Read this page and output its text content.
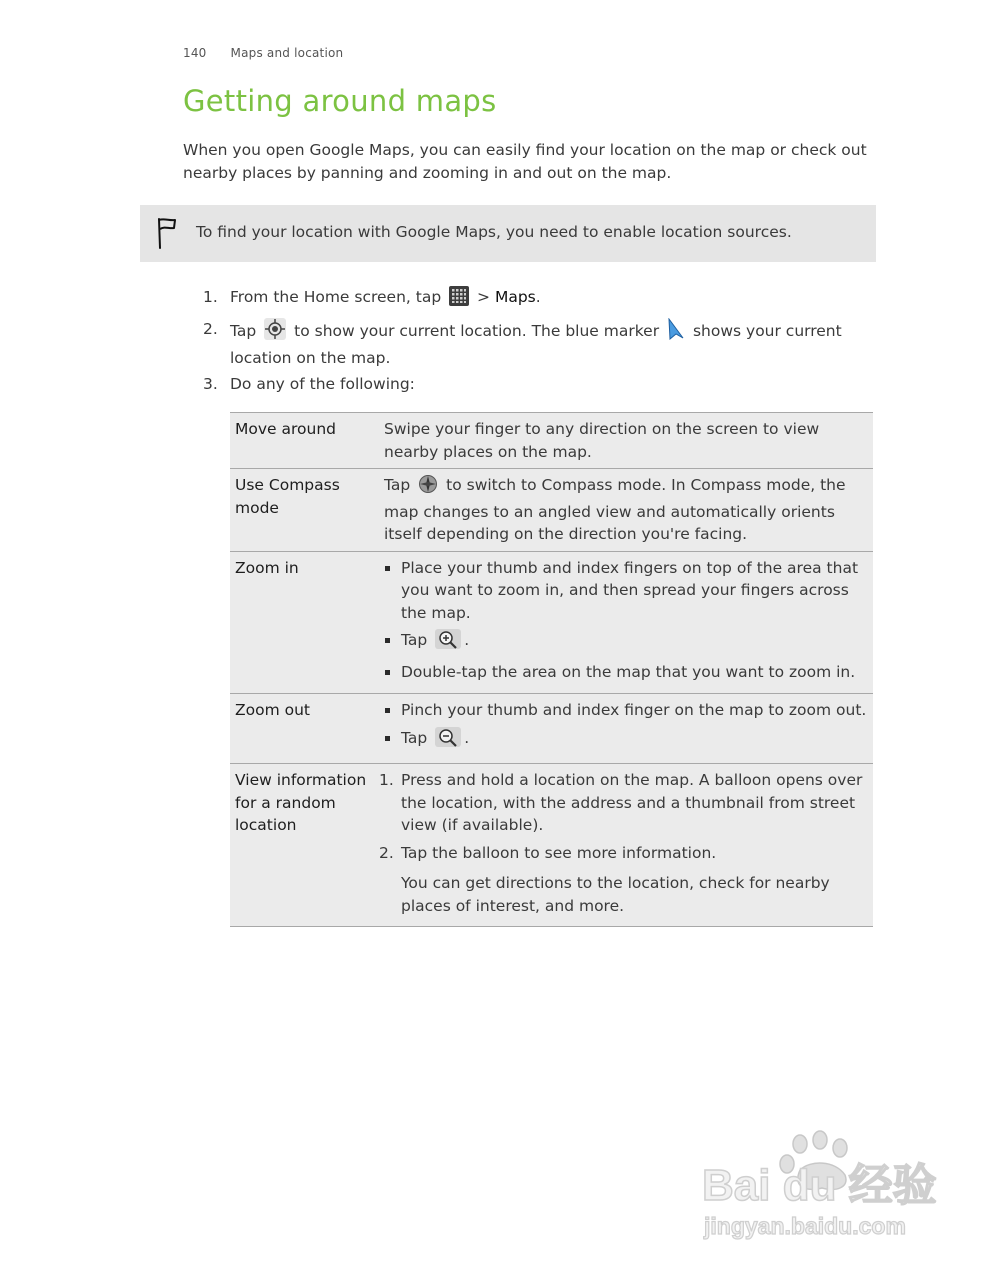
140 Maps and location
Getting around maps

When you open Google Maps, you can easily find your location on the map or check out nearby places by panning and zooming in and out on the map.

To find your location with Google Maps, you need to enable location sources.
1. From the Home screen, tap  > Maps.
2. Tap to show your current location. The blue marker shows your current location on the map.
3. Do any of the following:
Move around	Swipe your finger to any direction on the screen to view nearby places on the map.
Use Compass mode	Tap to switch to Compass mode. In Compass mode, the map changes to an angled view and automatically orients itself depending on the direction you're facing.
Zoom in	Place your thumb and index fingers on top of the area that you want to zoom in, and then spread your fingers across the map.
Tap .
Double-tap the area on the map that you want to zoom in.

Zoom out	Pinch your thumb and index finger on the map to zoom out.
Tap .

View information for a random location	1. Press and hold a location on the map. A balloon opens over the location, with the address and a thumbnail from street view (if available).
2. Tap the balloon to see more information.
You can get directions to the location, check for nearby places of interest, and more.
Bai du 经验
jingyan.baidu.com
